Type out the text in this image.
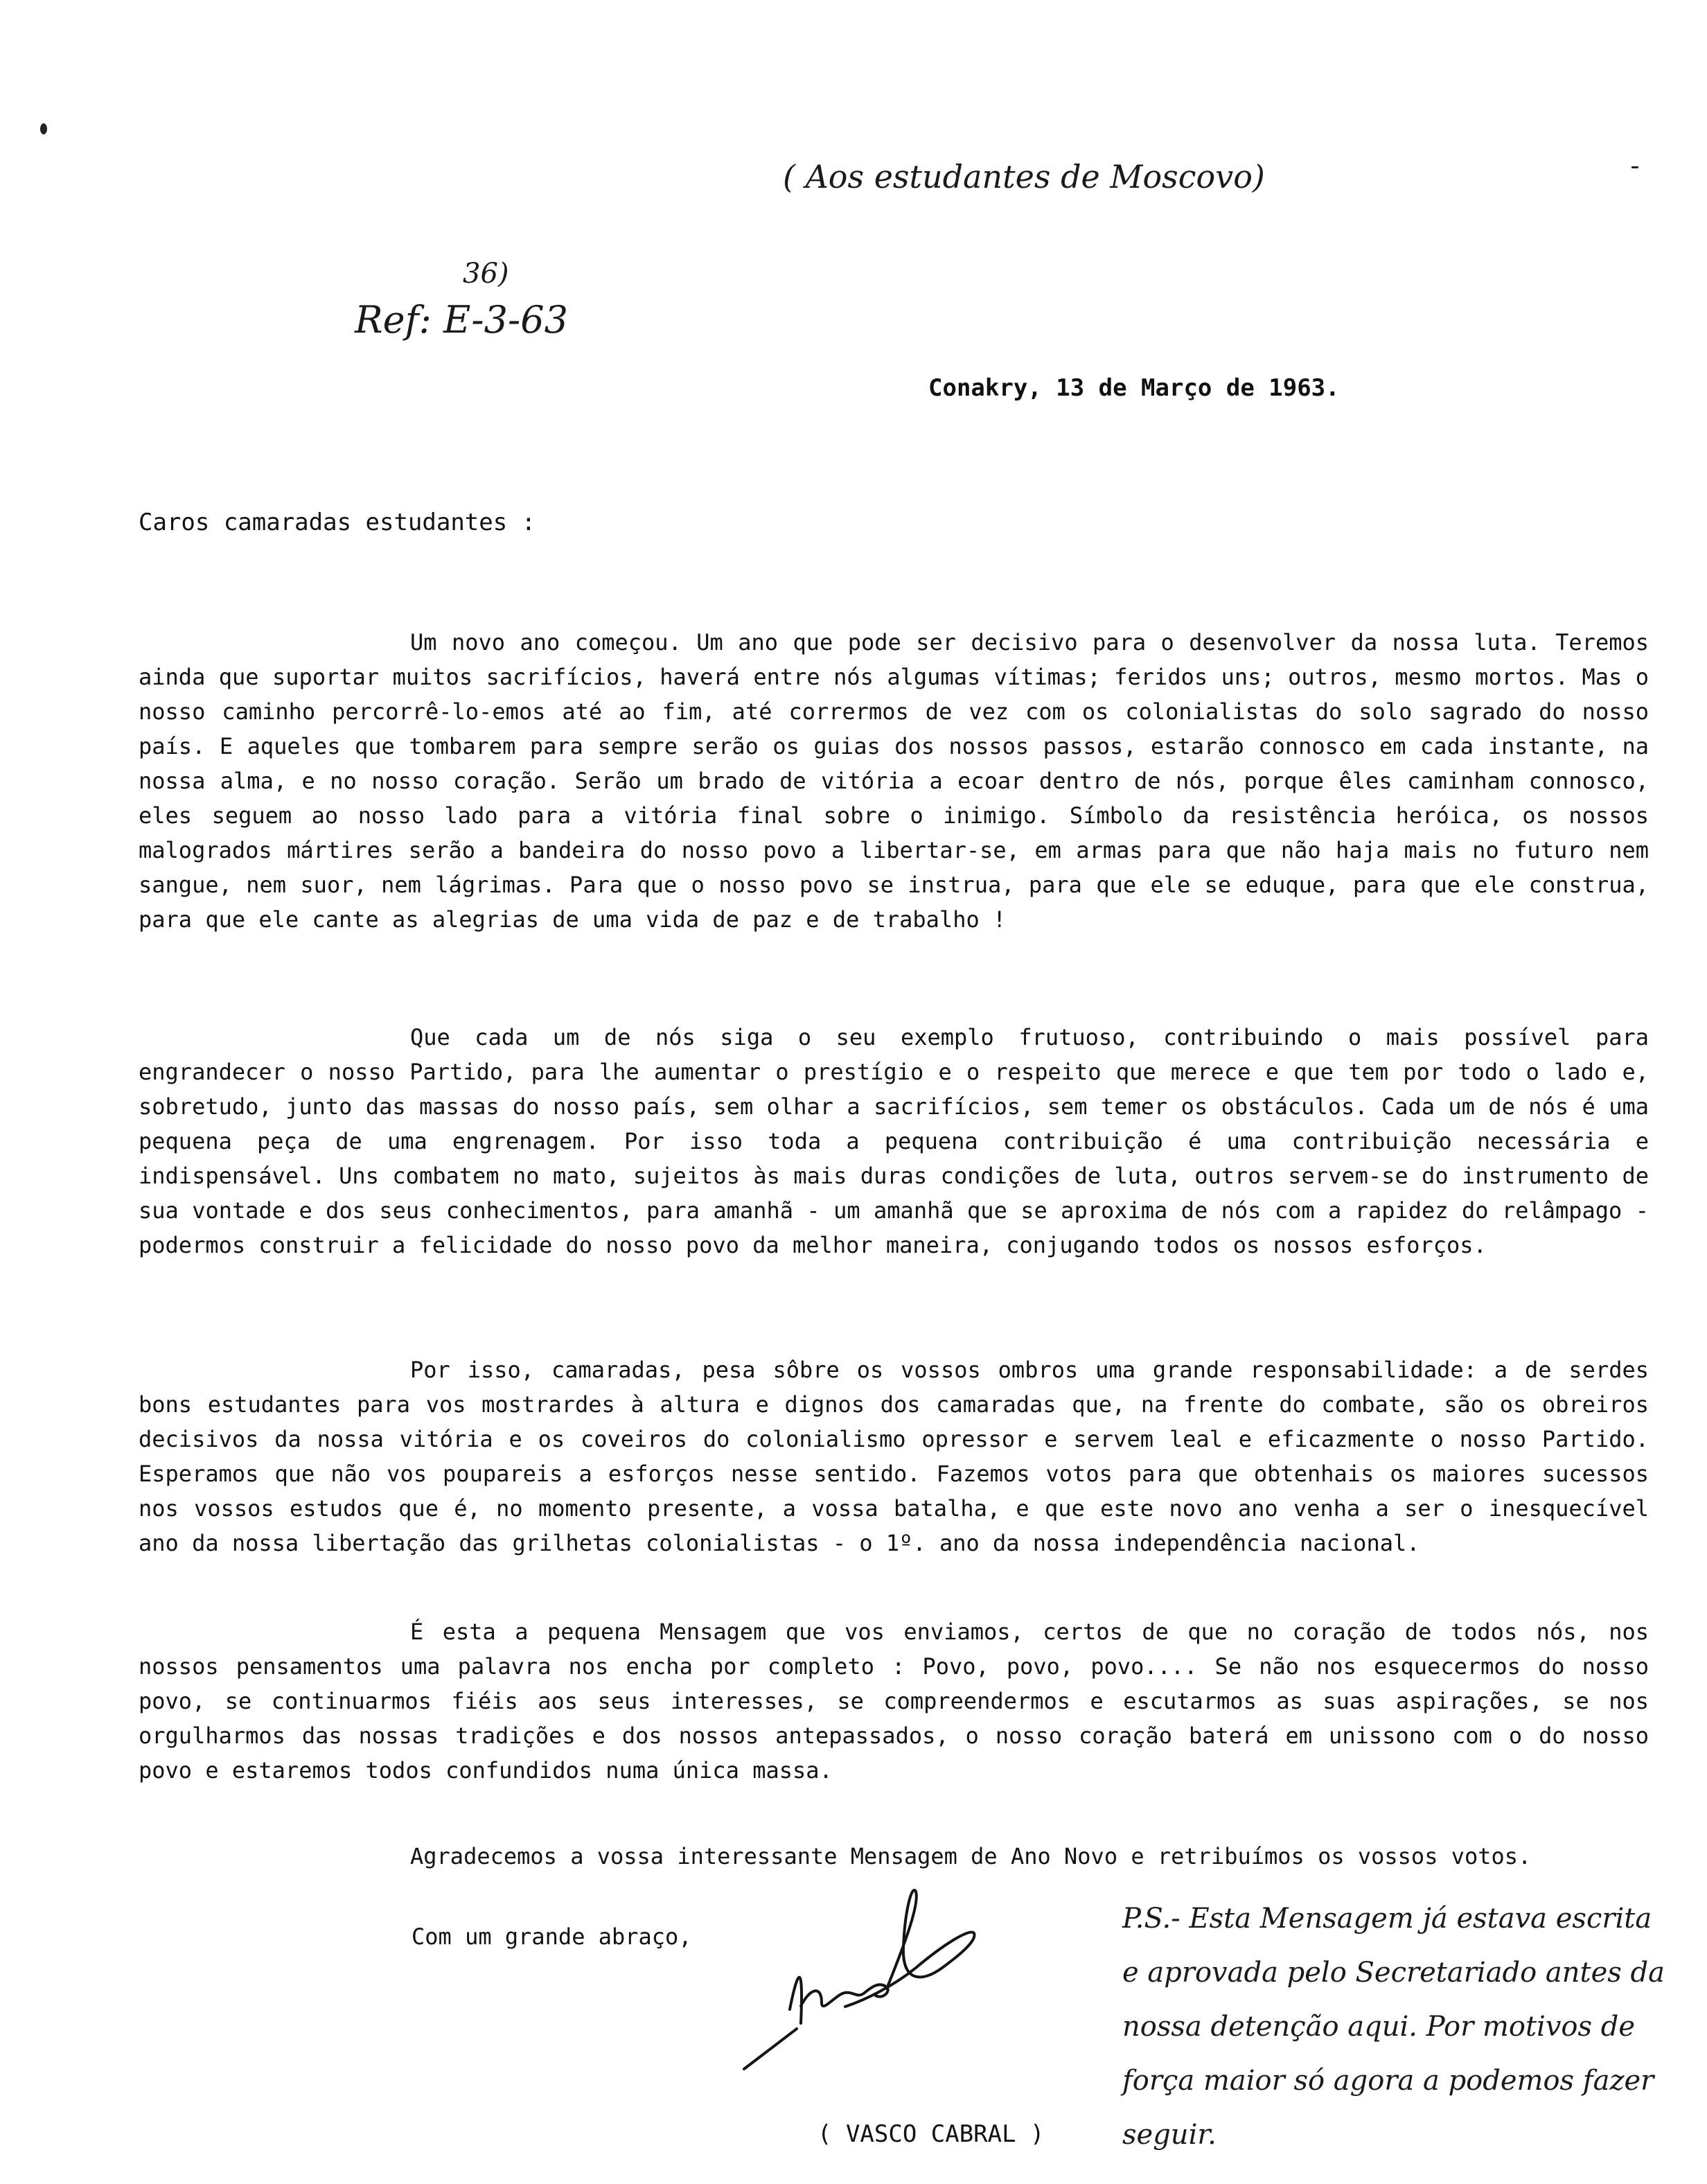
( Aos estudantes de Moscovo)
36)
Ref: E-3-63
Conakry, 13 de Março de 1963.
Caros camaradas estudantes :

Um novo ano começou. Um ano que pode ser decisivo para o desenvolver da nossa luta. Teremos ainda que suportar muitos sacrifícios, haverá entre nós algumas vítimas; feridos uns; outros, mesmo mortos. Mas o nosso caminho percorrê-lo-emos até ao fim, até corrermos de vez com os colonialistas do solo sagrado do nosso país. E aqueles que tombarem para sempre serão os guias dos nossos passos, estarão connosco em cada instante, na nossa alma, e no nosso coração. Serão um brado de vitória a ecoar dentro de nós, porque êles caminham connosco, eles seguem ao nosso lado para a vitória final sobre o inimigo. Símbolo da resistência heróica, os nossos malogrados mártires serão a bandeira do nosso povo a libertar-se, em armas para que não haja mais no futuro nem sangue, nem suor, nem lágrimas. Para que o nosso povo se instrua, para que ele se eduque, para que ele construa, para que ele cante as alegrias de uma vida de paz e de trabalho !

Que cada um de nós siga o seu exemplo frutuoso, contribuindo o mais possível para engrandecer o nosso Partido, para lhe aumentar o prestígio e o respeito que merece e que tem por todo o lado e, sobretudo, junto das massas do nosso país, sem olhar a sacrifícios, sem temer os obstáculos. Cada um de nós é uma pequena peça de uma engrenagem. Por isso toda a pequena contribuição é uma contribuição necessária e indispensável. Uns combatem no mato, sujeitos às mais duras condições de luta, outros servem-se do instrumento de sua vontade e dos seus conhecimentos, para amanhã - um amanhã que se aproxima de nós com a rapidez do relâmpago - podermos construir a felicidade do nosso povo da melhor maneira, conjugando todos os nossos esforços.

Por isso, camaradas, pesa sôbre os vossos ombros uma grande responsabilidade: a de serdes bons estudantes para vos mostrardes à altura e dignos dos camaradas que, na frente do combate, são os obreiros decisivos da nossa vitória e os coveiros do colonialismo opressor e servem leal e eficazmente o nosso Partido. Esperamos que não vos poupareis a esforços nesse sentido. Fazemos votos para que obtenhais os maiores sucessos nos vossos estudos que é, no momento presente, a vossa batalha, e que este novo ano venha a ser o inesquecível ano da nossa libertação das grilhetas colonialistas - o 1º. ano da nossa independência nacional.

É esta a pequena Mensagem que vos enviamos, certos de que no coração de todos nós, nos nossos pensamentos uma palavra nos encha por completo : Povo, povo, povo.... Se não nos esquecermos do nosso povo, se continuarmos fiéis aos seus interesses, se compreendermos e escutarmos as suas aspirações, se nos orgulharmos das nossas tradições e dos nossos antepassados, o nosso coração baterá em unissono com o do nosso povo e estaremos todos confundidos numa única massa.

Agradecemos a vossa interessante Mensagem de Ano Novo e retribuímos os vossos votos.

Com um grande abraço,
( VASCO CABRAL )
P.S.- Esta Mensagem já estava escrita
e aprovada pelo Secretariado antes da
nossa detenção aqui. Por motivos de
força maior só agora a podemos fazer
seguir.
